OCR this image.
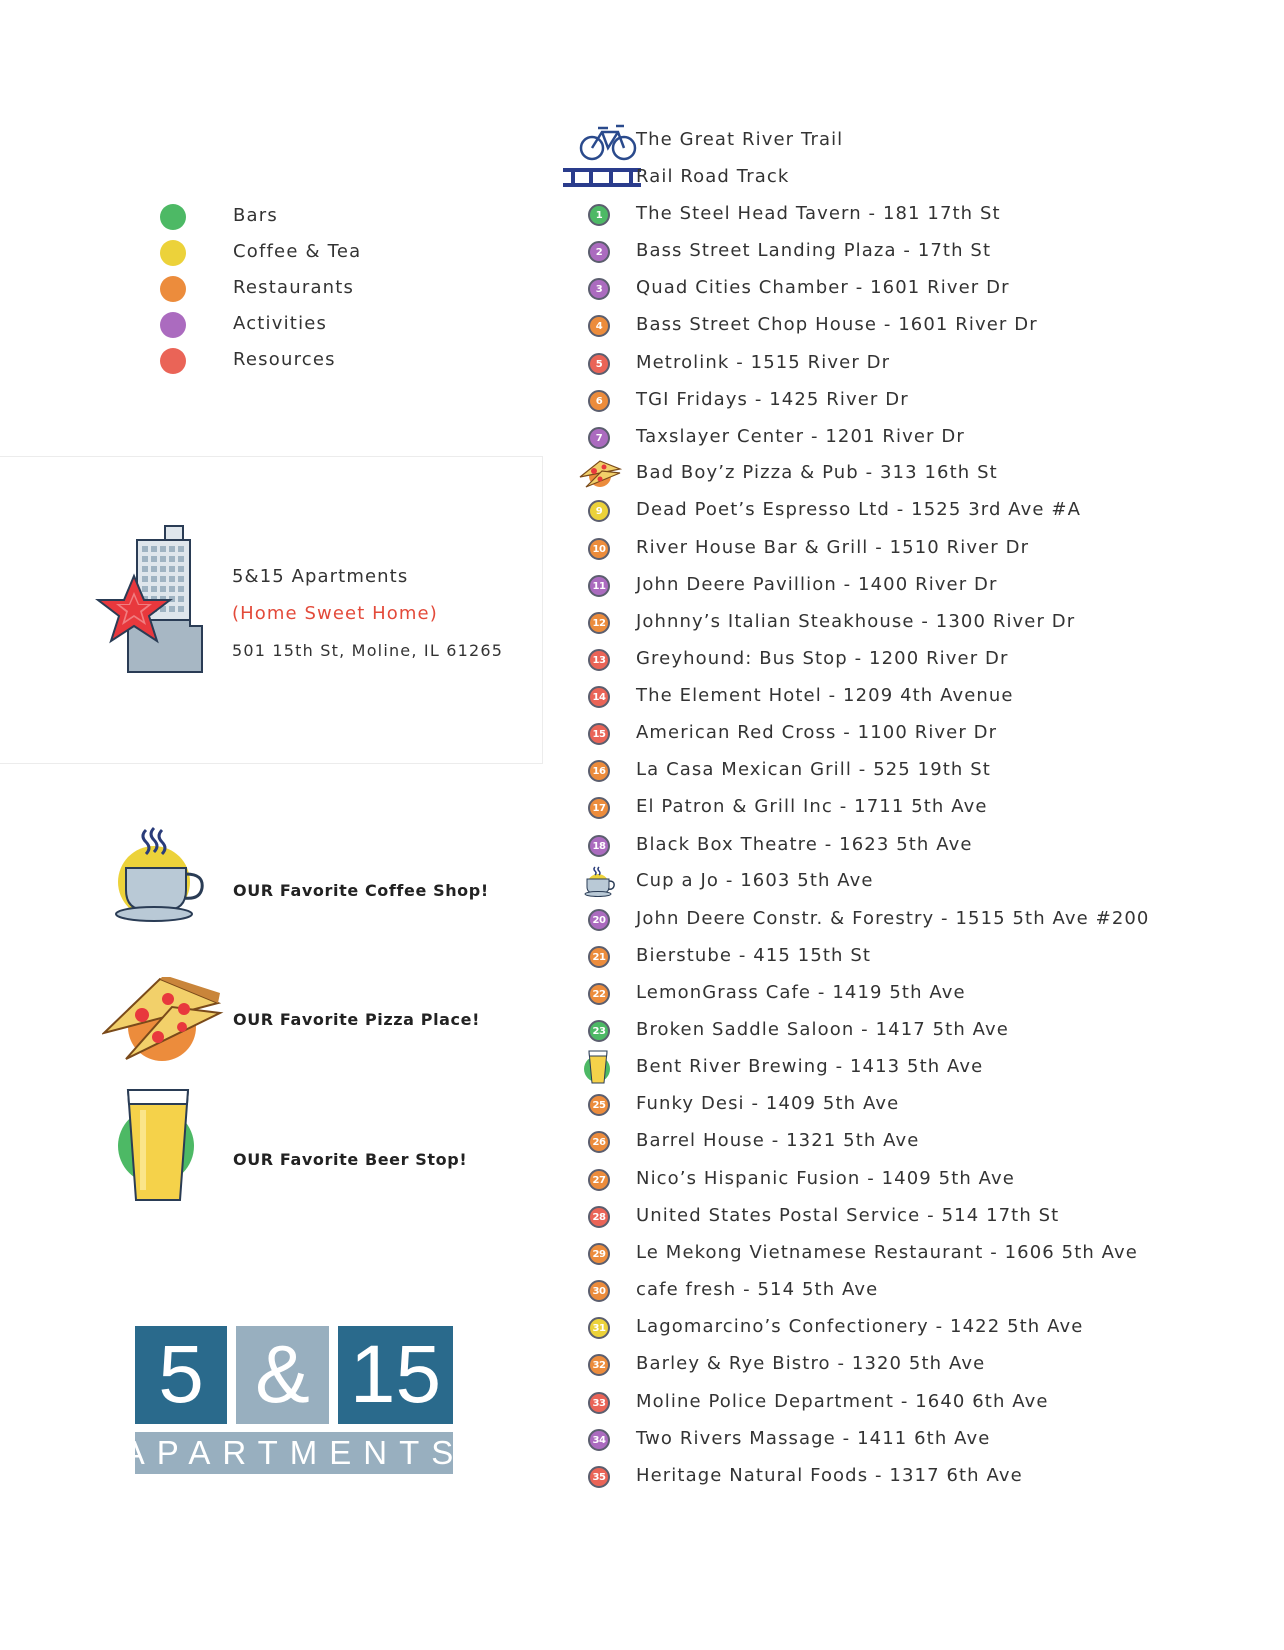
Bars
Coffee & Tea
Restaurants
Activities
Resources
5&15 Apartments
(Home Sweet Home)
501 15th St, Moline, IL 61265
OUR Favorite Coffee Shop!
OUR Favorite Pizza Place!
OUR Favorite Beer Stop!
5 & 15
APARTMENTS
The Great River Trail
Rail Road Track
1	The Steel Head Tavern - 181 17th St
2	Bass Street Landing Plaza - 17th St
3	Quad Cities Chamber - 1601 River Dr
4	Bass Street Chop House - 1601 River Dr
5	Metrolink - 1515 River Dr
6	TGI Fridays - 1425 River Dr
7	Taxslayer Center - 1201 River Dr
Bad Boy’z Pizza & Pub - 313 16th St
9	Dead Poet’s Espresso Ltd - 1525 3rd Ave #A
10 River House Bar & Grill - 1510 River Dr
11 John Deere Pavillion - 1400 River Dr
12 Johnny’s Italian Steakhouse - 1300 River Dr
13 Greyhound: Bus Stop - 1200 River Dr
14 The Element Hotel - 1209 4th Avenue
15 American Red Cross - 1100 River Dr
16 La Casa Mexican Grill - 525 19th St
17 El Patron & Grill Inc - 1711 5th Ave
18 Black Box Theatre - 1623 5th Ave
Cup a Jo - 1603 5th Ave
20 John Deere Constr. & Forestry - 1515 5th Ave #200
21 Bierstube - 415 15th St
22 LemonGrass Cafe - 1419 5th Ave
23 Broken Saddle Saloon - 1417 5th Ave
Bent River Brewing - 1413 5th Ave
25 Funky Desi - 1409 5th Ave
26 Barrel House - 1321 5th Ave
27 Nico’s Hispanic Fusion - 1409 5th Ave
28 United States Postal Service - 514 17th St
29 Le Mekong Vietnamese Restaurant - 1606 5th Ave
30 cafe fresh - 514 5th Ave
31 Lagomarcino’s Confectionery - 1422 5th Ave
32 Barley & Rye Bistro - 1320 5th Ave
33 Moline Police Department - 1640 6th Ave
34 Two Rivers Massage - 1411 6th Ave
35 Heritage Natural Foods - 1317 6th Ave
